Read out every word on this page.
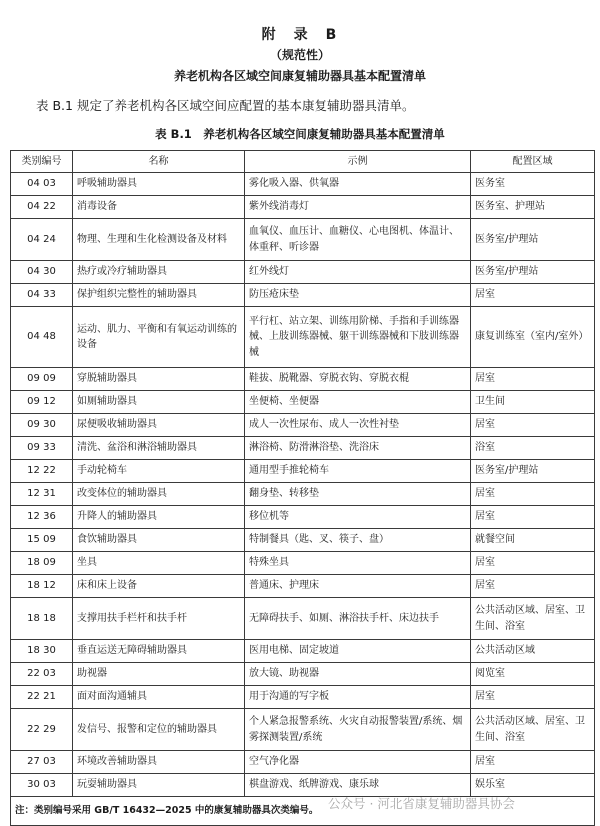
附　录　B
（规范性）
养老机构各区域空间康复辅助器具基本配置清单
表 B.1 规定了养老机构各区域空间应配置的基本康复辅助器具清单。
表 B.1　养老机构各区域空间康复辅助器具基本配置清单
类别编号	名称	示例	配置区域
04 03	呼吸辅助器具	雾化吸入器、供氧器	医务室
04 22	消毒设备	紫外线消毒灯	医务室、护理站
04 24	物理、生理和生化检测设备及材料	血氧仪、血压计、血糖仪、心电图机、体温计、体重秤、听诊器	医务室/护理站
04 30	热疗或冷疗辅助器具	红外线灯	医务室/护理站
04 33	保护组织完整性的辅助器具	防压疮床垫	居室
04 48	运动、肌力、平衡和有氧运动训练的设备	平行杠、站立架、训练用阶梯、手指和手训练器械、上肢训练器械、躯干训练器械和下肢训练器械	康复训练室（室内/室外）
09 09	穿脱辅助器具	鞋拔、脱靴器、穿脱衣钩、穿脱衣棍	居室
09 12	如厕辅助器具	坐便椅、坐便器	卫生间
09 30	尿便吸收辅助器具	成人一次性尿布、成人一次性衬垫	居室
09 33	清洗、盆浴和淋浴辅助器具	淋浴椅、防滑淋浴垫、洗浴床	浴室
12 22	手动轮椅车	通用型手推轮椅车	医务室/护理站
12 31	改变体位的辅助器具	翻身垫、转移垫	居室
12 36	升降人的辅助器具	移位机等	居室
15 09	食饮辅助器具	特制餐具（匙、叉、筷子、盘）	就餐空间
18 09	坐具	特殊坐具	居室
18 12	床和床上设备	普通床、护理床	居室
18 18	支撑用扶手栏杆和扶手杆	无障碍扶手、如厕、淋浴扶手杆、床边扶手	公共活动区域、居室、卫生间、浴室
18 30	垂直运送无障碍辅助器具	医用电梯、固定坡道	公共活动区域
22 03	助视器	放大镜、助视器	阅览室
22 21	面对面沟通辅具	用于沟通的写字板	居室
22 29	发信号、报警和定位的辅助器具	个人紧急报警系统、火灾自动报警装置/系统、烟雾探测装置/系统	公共活动区域、居室、卫生间、浴室
27 03	环境改善辅助器具	空气净化器	居室
30 03	玩耍辅助器具	棋盘游戏、纸牌游戏、康乐球	娱乐室
注：类别编号采用 GB/T 16432—2025 中的康复辅助器具次类编号。			公众号 · 河北省康复辅助器具协会
